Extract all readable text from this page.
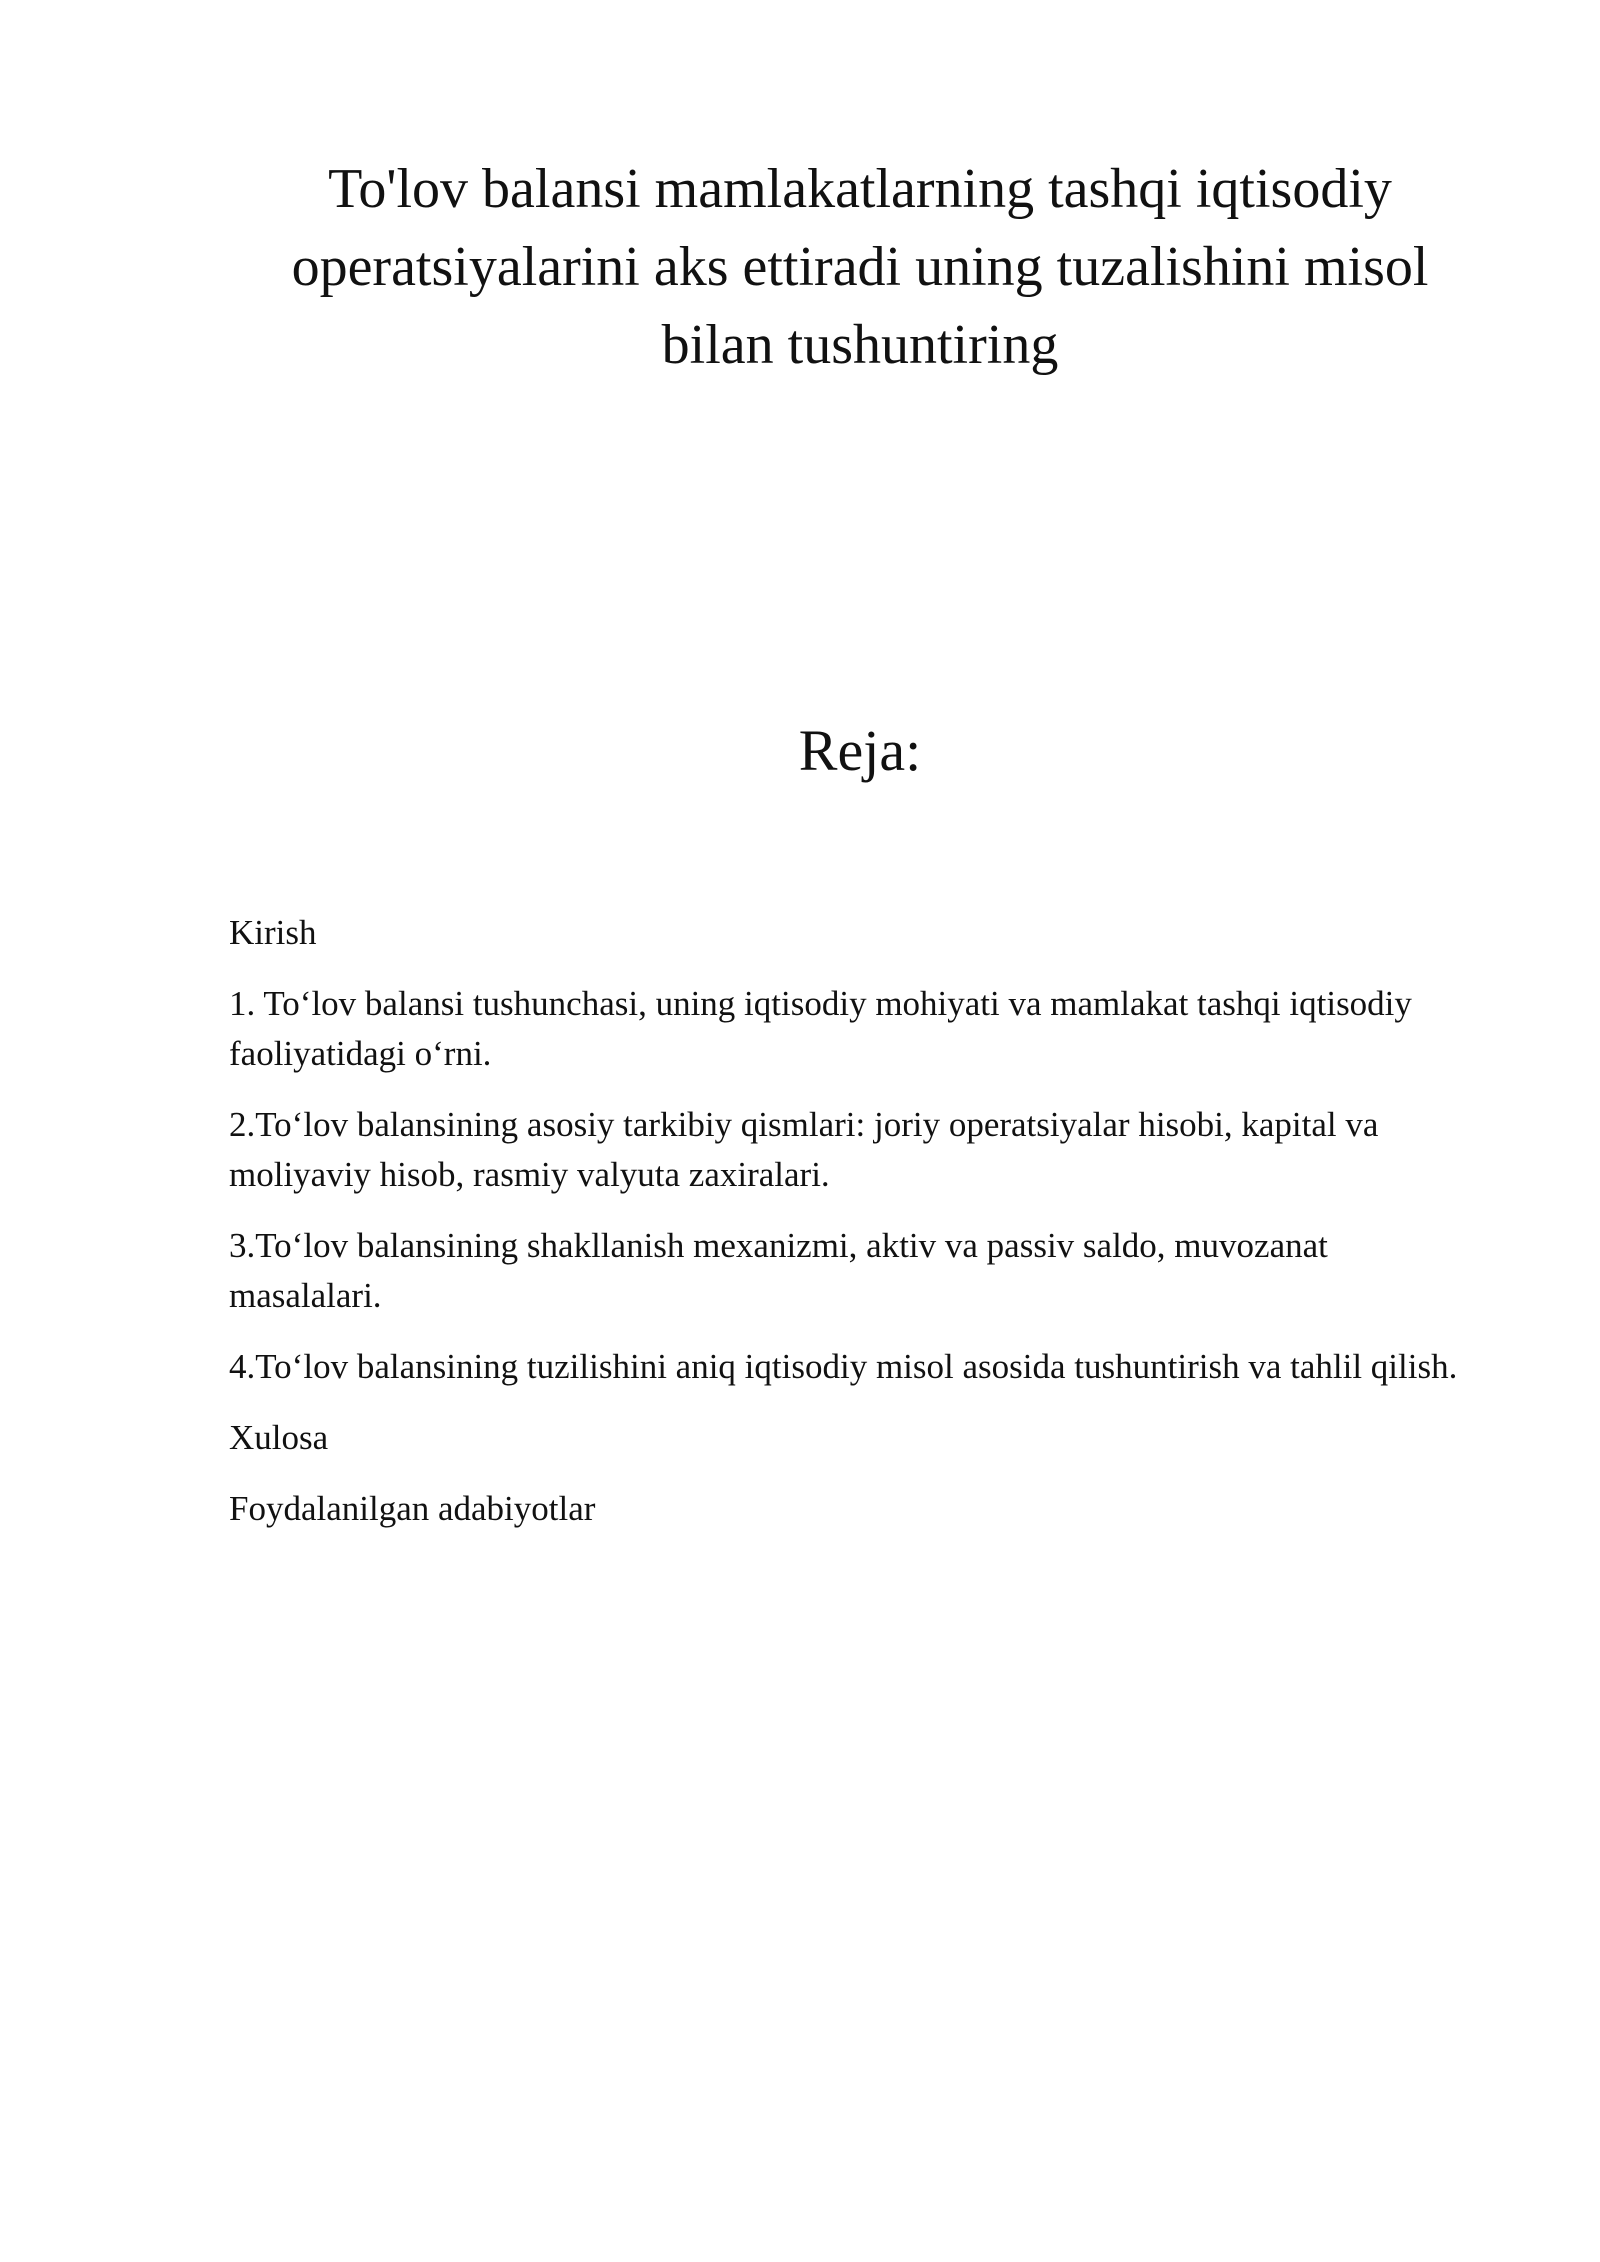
To'lov balansi mamlakatlarning tashqi iqtisodiy operatsiyalarini aks ettiradi uning tuzalishini misol bilan tushuntiring
Reja:
Kirish
1. To‘lov balansi tushunchasi, uning iqtisodiy mohiyati va mamlakat tashqi iqtisodiy faoliyatidagi o‘rni.
2.To‘lov balansining asosiy tarkibiy qismlari: joriy operatsiyalar hisobi, kapital va moliyaviy hisob, rasmiy valyuta zaxiralari.
3.To‘lov balansining shakllanish mexanizmi, aktiv va passiv saldo, muvozanat masalalari.
4.To‘lov balansining tuzilishini aniq iqtisodiy misol asosida tushuntirish va tahlil qilish.
Xulosa
Foydalanilgan adabiyotlar
